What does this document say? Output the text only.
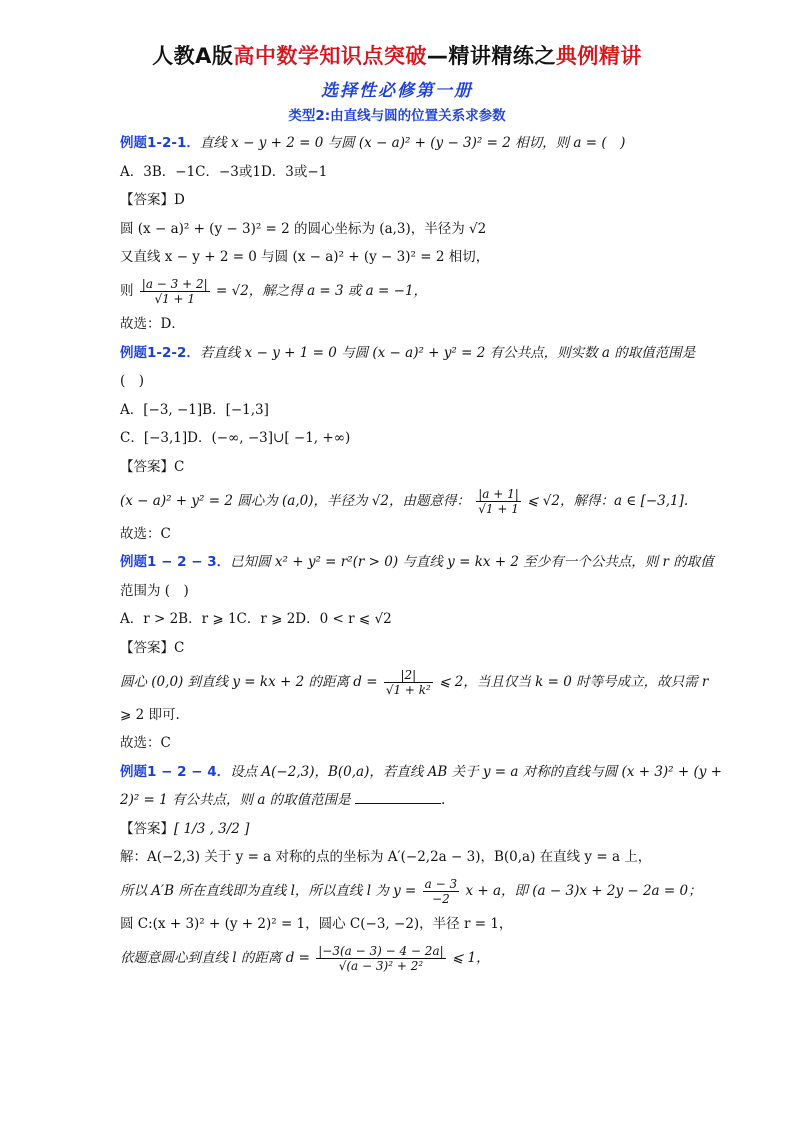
人教A版高中数学知识点突破—精讲精练之典例精讲
选择性必修第一册
类型2:由直线与圆的位置关系求参数
例题1-2-1．直线 x − y + 2 = 0 与圆 (x − a)² + (y − 3)² = 2 相切，则 a = (　)
A．3B．−1C．−3或1D．3或−1
【答案】D
圆 (x − a)² + (y − 3)² = 2 的圆心坐标为 (a,3)，半径为 √2
又直线 x − y + 2 = 0 与圆 (x − a)² + (y − 3)² = 2 相切，
则 $\frac{|a - 3 + 2|}{√1 + 1} = √2$，解之得 a = 3 或 a = −1，
故选：D．
例题1-2-2．若直线 x − y + 1 = 0 与圆 (x − a)² + y² = 2 有公共点，则实数 a 的取值范围是
(　)
A．[−3, −1]B．[−1,3]
C．[−3,1]D．(−∞, −3]∪[ −1, +∞)
【答案】C
(x − a)² + y² = 2 圆心为 (a,0)，半径为 √2，由题意得： $\frac{|a + 1|}{√1 + 1}$ ⩽ √2，解得：a ∈ [−3,1].
故选：C
例题1 − 2 − 3．已知圆 x² + y² = r²(r > 0) 与直线 y = kx + 2 至少有一个公共点，则 r 的取值
范围为 (　)
A．r > 2B．r ⩾ 1C．r ⩾ 2D．0 < r ⩽ √2
【答案】C
圆心 (0,0) 到直线 y = kx + 2 的距离 $d = \frac{|2|}{\text{√1 + k²}}$ ⩽ 2，当且仅当 k = 0 时等号成立，故只需 r
⩾ 2 即可.
故选：C
例题1 − 2 − 4．设点 A(−2,3)，B(0,a)，若直线 AB 关于 y = a 对称的直线与圆 (x + 3)² + (y +
2)² = 1 有公共点，则 a 的取值范围是	.
【答案】[ 1/3 , 3/2 ]
解：A(−2,3) 关于 y = a 对称的点的坐标为 A′(−2,2a − 3)，B(0,a) 在直线 y = a 上，
所以 A′B 所在直线即为直线 l，所以直线 l 为 $y = \frac{a - 3}{-2}$ x + a，即 (a − 3)x + 2y − 2a = 0；
圆 C:(x + 3)² + (y + 2)² = 1，圆心 C(−3, −2)，半径 r = 1，
依题意圆心到直线 l 的距离 $d = \frac{|-3(a - 3) - 4 - 2a|}{\text{√(a − 3)² + 2²}}$ ⩽ 1，
